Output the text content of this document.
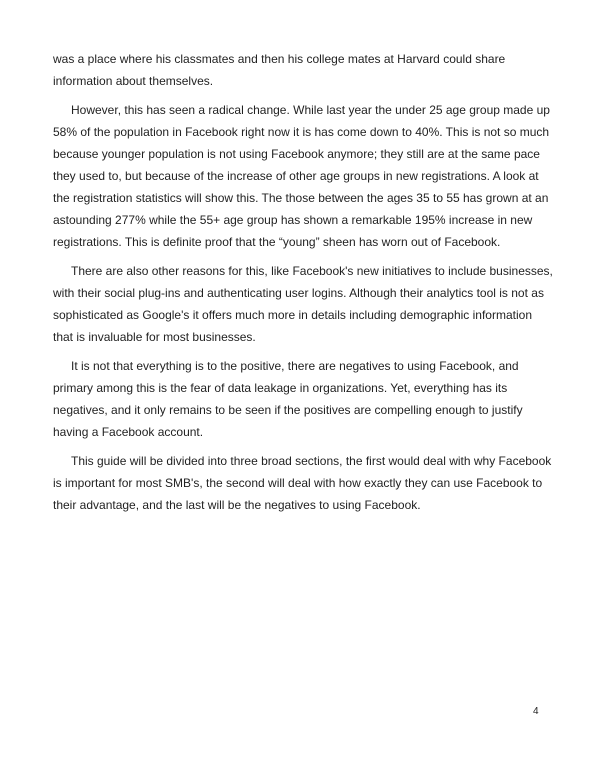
was a place where his classmates and then his college mates at Harvard could share information about themselves.

However, this has seen a radical change. While last year the under 25 age group made up 58% of the population in Facebook right now it is has come down to 40%. This is not so much because younger population is not using Facebook anymore; they still are at the same pace they used to, but because of the increase of other age groups in new registrations. A look at the registration statistics will show this. The those between the ages 35 to 55 has grown at an astounding 277% while the 55+ age group has shown a remarkable 195% increase in new registrations. This is definite proof that the “young” sheen has worn out of Facebook.

There are also other reasons for this, like Facebook's new initiatives to include businesses, with their social plug-ins and authenticating user logins. Although their analytics tool is not as sophisticated as Google's it offers much more in details including demographic information that is invaluable for most businesses.

It is not that everything is to the positive, there are negatives to using Facebook, and primary among this is the fear of data leakage in organizations. Yet, everything has its negatives, and it only remains to be seen if the positives are compelling enough to justify having a Facebook account.

This guide will be divided into three broad sections, the first would deal with why Facebook is important for most SMB's, the second will deal with how exactly they can use Facebook to their advantage, and the last will be the negatives to using Facebook.

4
